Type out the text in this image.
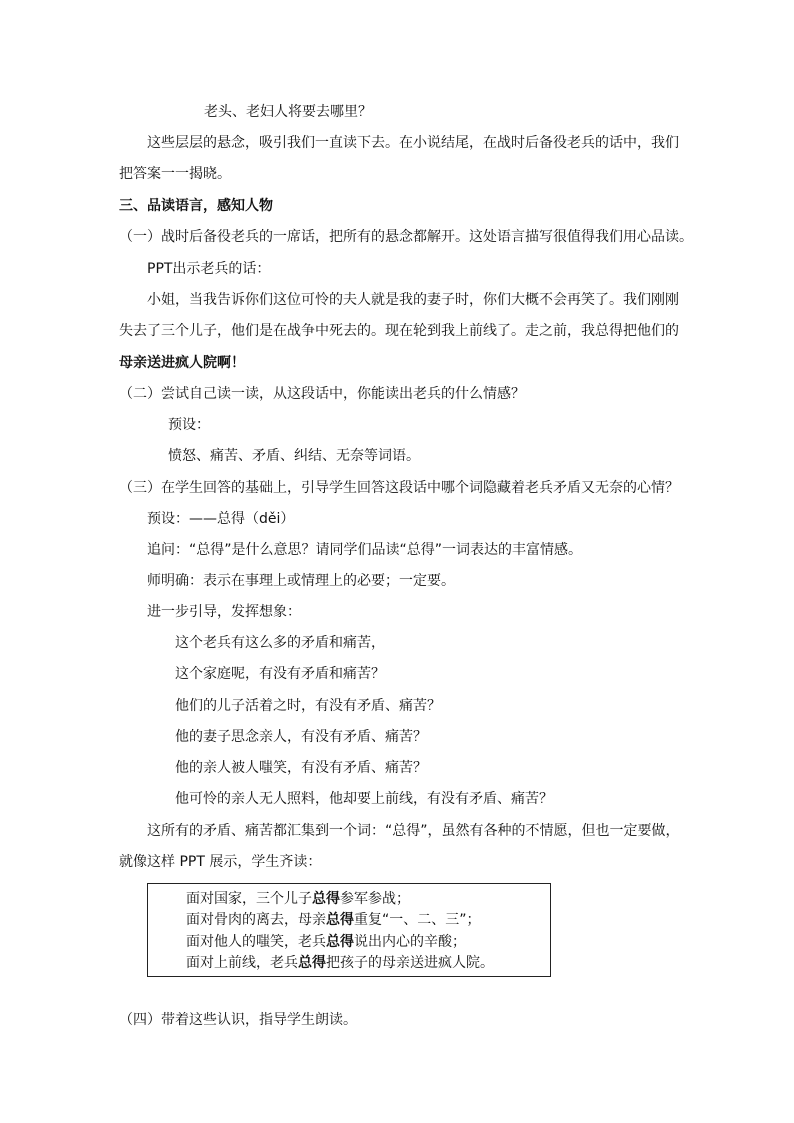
老头、老妇人将要去哪里？
这些层层的悬念，吸引我们一直读下去。在小说结尾，在战时后备役老兵的话中，我们
把答案一一揭晓。
三、品读语言，感知人物
（一）战时后备役老兵的一席话，把所有的悬念都解开。这处语言描写很值得我们用心品读。
PPT出示老兵的话：
小姐，当我告诉你们这位可怜的夫人就是我的妻子时，你们大概不会再笑了。我们刚刚
失去了三个儿子，他们是在战争中死去的。现在轮到我上前线了。走之前，我总得把他们的
母亲送进疯人院啊！
（二）尝试自己读一读，从这段话中，你能读出老兵的什么情感？
预设：
愤怒、痛苦、矛盾、纠结、无奈等词语。
（三）在学生回答的基础上，引导学生回答这段话中哪个词隐藏着老兵矛盾又无奈的心情？
预设：——总得（děi）
追问：“总得”是什么意思？请同学们品读“总得”一词表达的丰富情感。
师明确：表示在事理上或情理上的必要；一定要。
进一步引导，发挥想象：
这个老兵有这么多的矛盾和痛苦，
这个家庭呢，有没有矛盾和痛苦？
他们的儿子活着之时，有没有矛盾、痛苦？
他的妻子思念亲人，有没有矛盾、痛苦？
他的亲人被人嗤笑，有没有矛盾、痛苦？
他可怜的亲人无人照料，他却要上前线，有没有矛盾、痛苦？
这所有的矛盾、痛苦都汇集到一个词：“总得”，虽然有各种的不情愿，但也一定要做，
就像这样 PPT 展示，学生齐读：
面对国家，三个儿子总得参军参战；
面对骨肉的离去，母亲总得重复“一、二、三”；
面对他人的嗤笑，老兵总得说出内心的辛酸；
面对上前线，老兵总得把孩子的母亲送进疯人院。
（四）带着这些认识，指导学生朗读。
